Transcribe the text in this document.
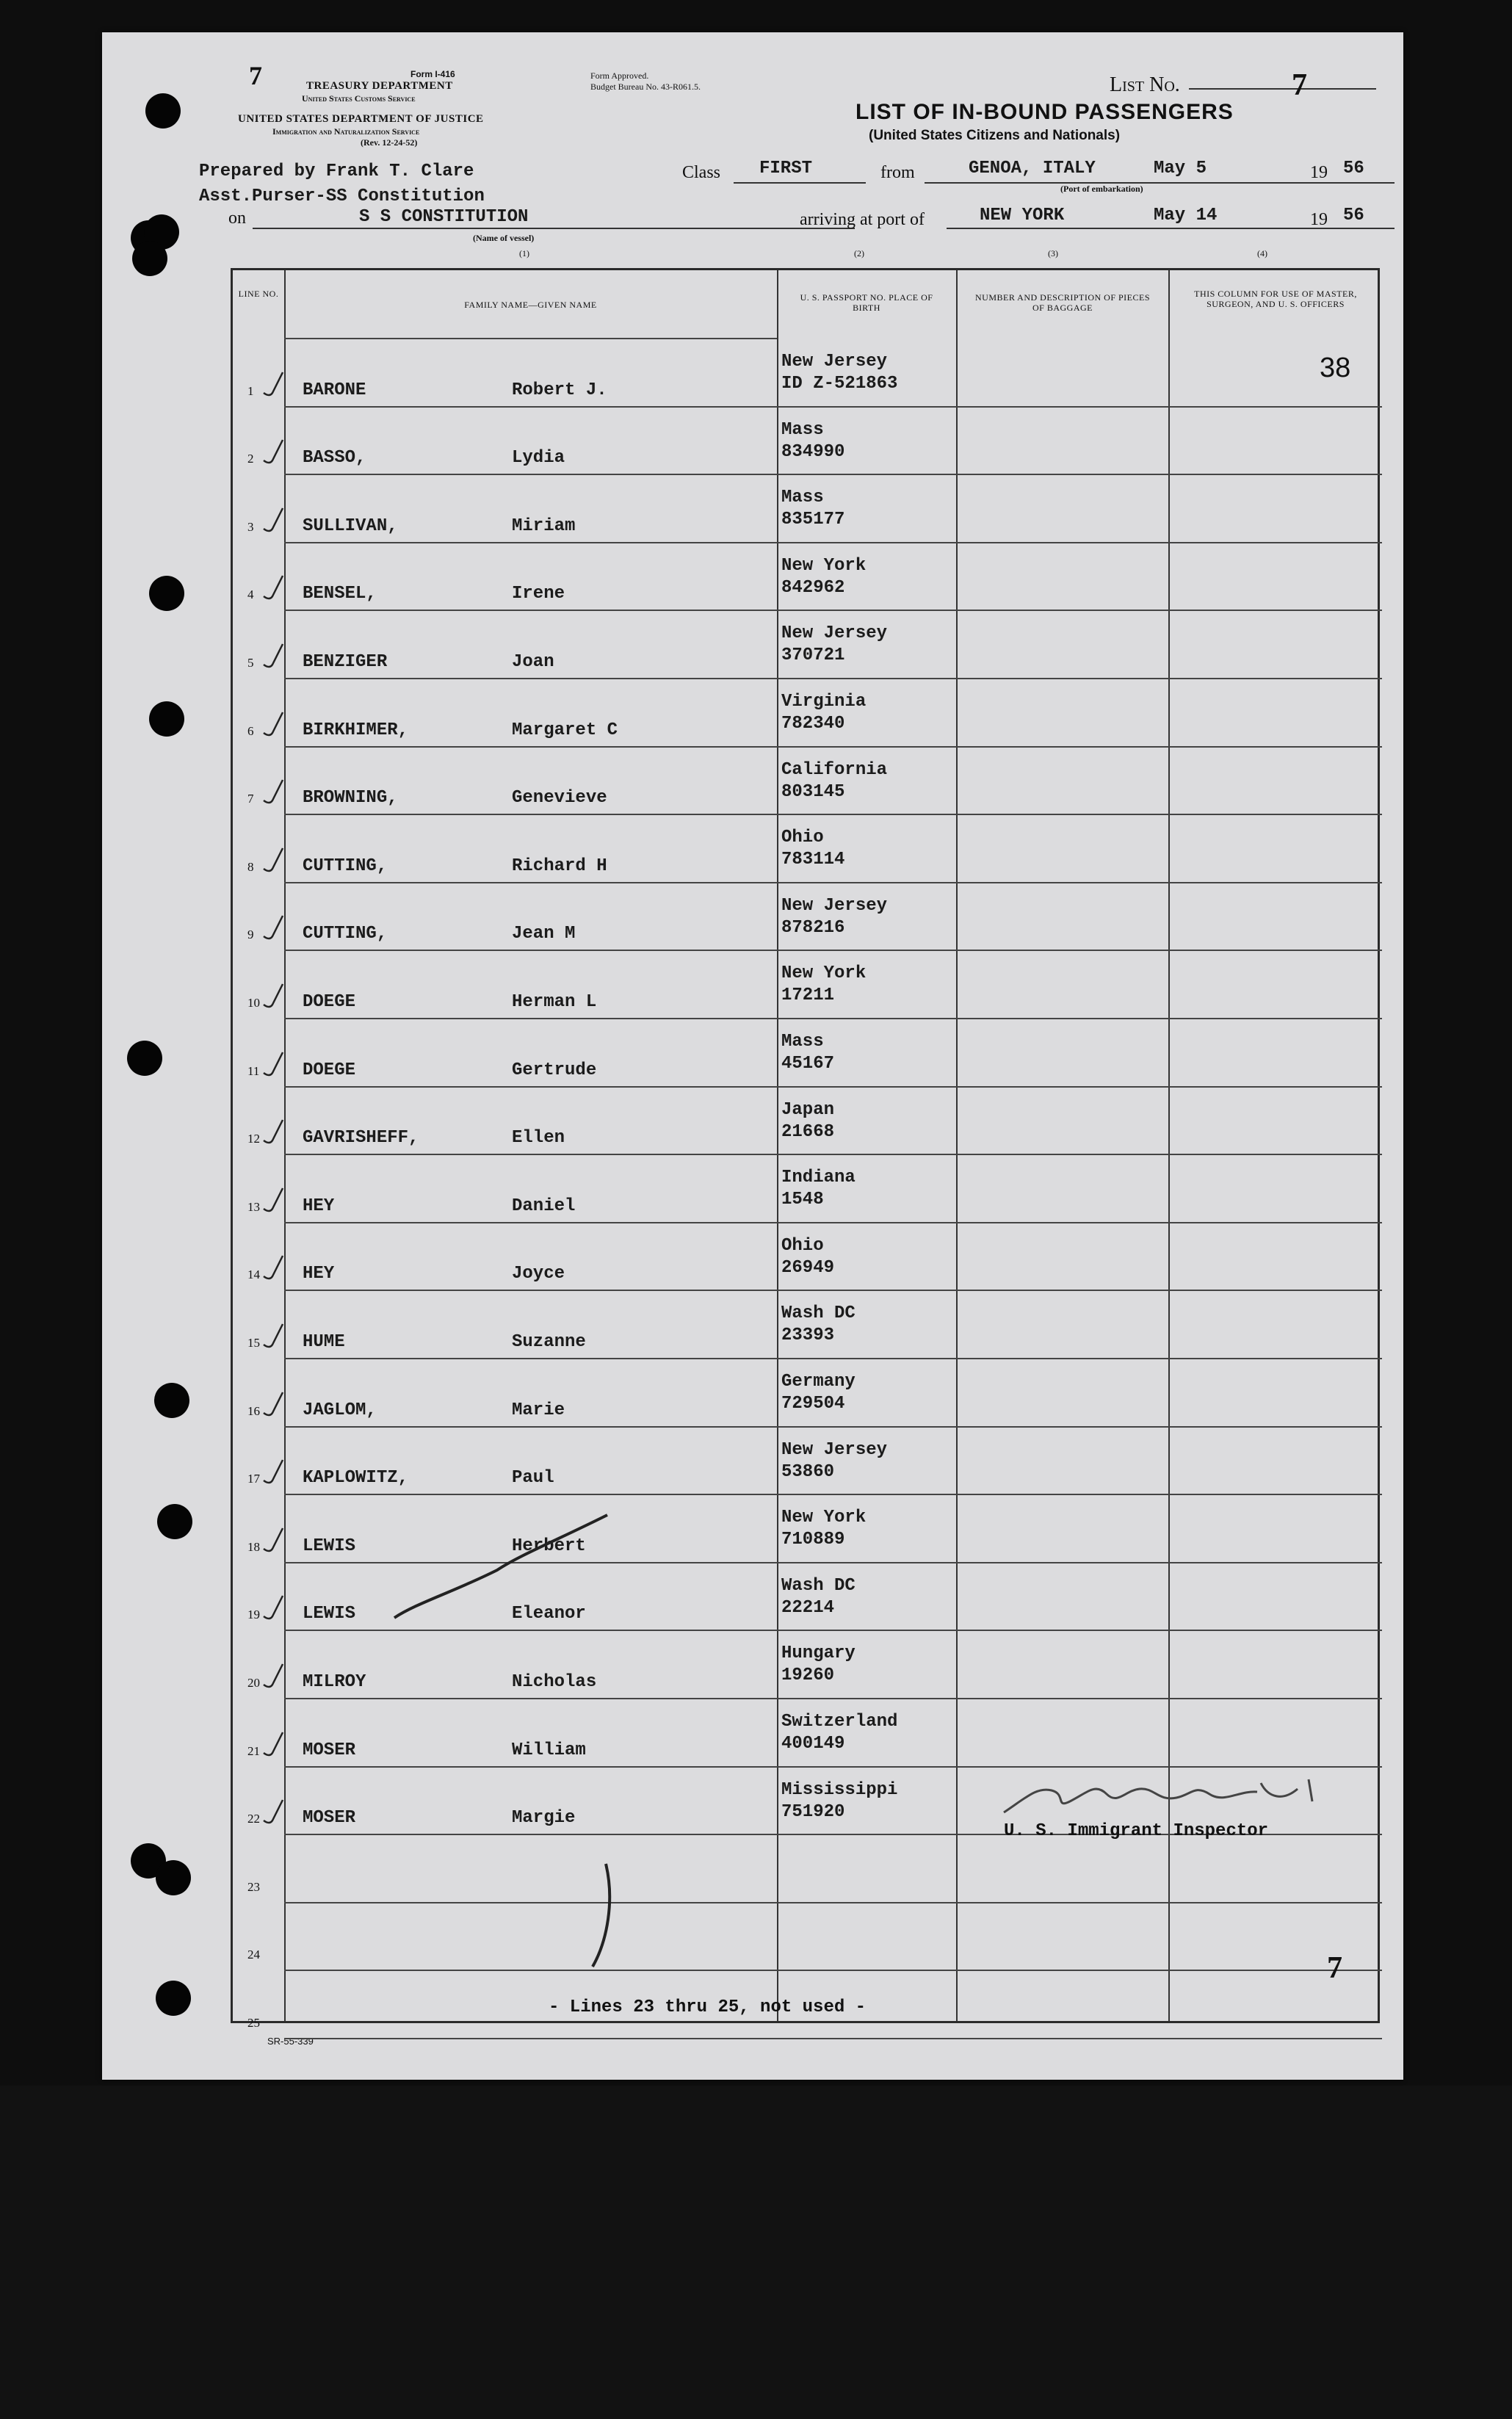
7	Form I-416
TREASURY DEPARTMENT
United States Customs Service
UNITED STATES DEPARTMENT OF JUSTICE
Immigration and Naturalization Service
(Rev. 12-24-52)
Form Approved.
Budget Bureau No. 43-R061.5.	List No.	7
LIST OF IN-BOUND PASSENGERS
(United States Citizens and Nationals)
Prepared by Frank T. Clare
Asst.Purser-SS Constitution
Class FIRST	from	GENOA, ITALY	May 5	19 56
(Port of embarkation)
on	S S CONSTITUTION
(Name of vessel)
arriving at port of	NEW YORK	May 14	19 56
(1)	(2)	(3)	(4)
SR-55-339
LINE NO.
FAMILY NAME—GIVEN NAME
U. S. PASSPORT NO. PLACE OF BIRTH
NUMBER AND DESCRIPTION OF PIECES OF BAGGAGE
THIS COLUMN FOR USE OF MASTER, SURGEON, AND U. S. OFFICERS
38
1	BARONE	Robert J.
New Jersey
ID Z-521863
2	BASSO,	Lydia
Mass
834990
3	SULLIVAN,	Miriam
Mass
835177
4	BENSEL,	Irene
New York
842962
5	BENZIGER	Joan
New Jersey
370721
6	BIRKHIMER,	Margaret C
Virginia
782340
7	BROWNING,	Genevieve
California
803145
8	CUTTING,	Richard H
Ohio
783114
9	CUTTING,	Jean M
New Jersey
878216
10 DOEGE	Herman L
New York
17211
11 DOEGE	Gertrude
Mass
45167
12 GAVRISHEFF,	Ellen
Japan
21668
13 HEY	Daniel
Indiana
1548
14 HEY	Joyce
Ohio
26949
15 HUME	Suzanne
Wash DC
23393
16 JAGLOM,	Marie
Germany
729504
17 KAPLOWITZ,	Paul
New Jersey
53860
18 LEWIS	Herbert
New York
710889
19 LEWIS	Eleanor
Wash DC
22214
20 MILROY	Nicholas
Hungary
19260
21 MOSER	William
Switzerland
400149
22 MOSER	Margie
Mississippi
751920
23
24
25
- Lines 23 thru 25, not used -
U. S. Immigrant Inspector
7
